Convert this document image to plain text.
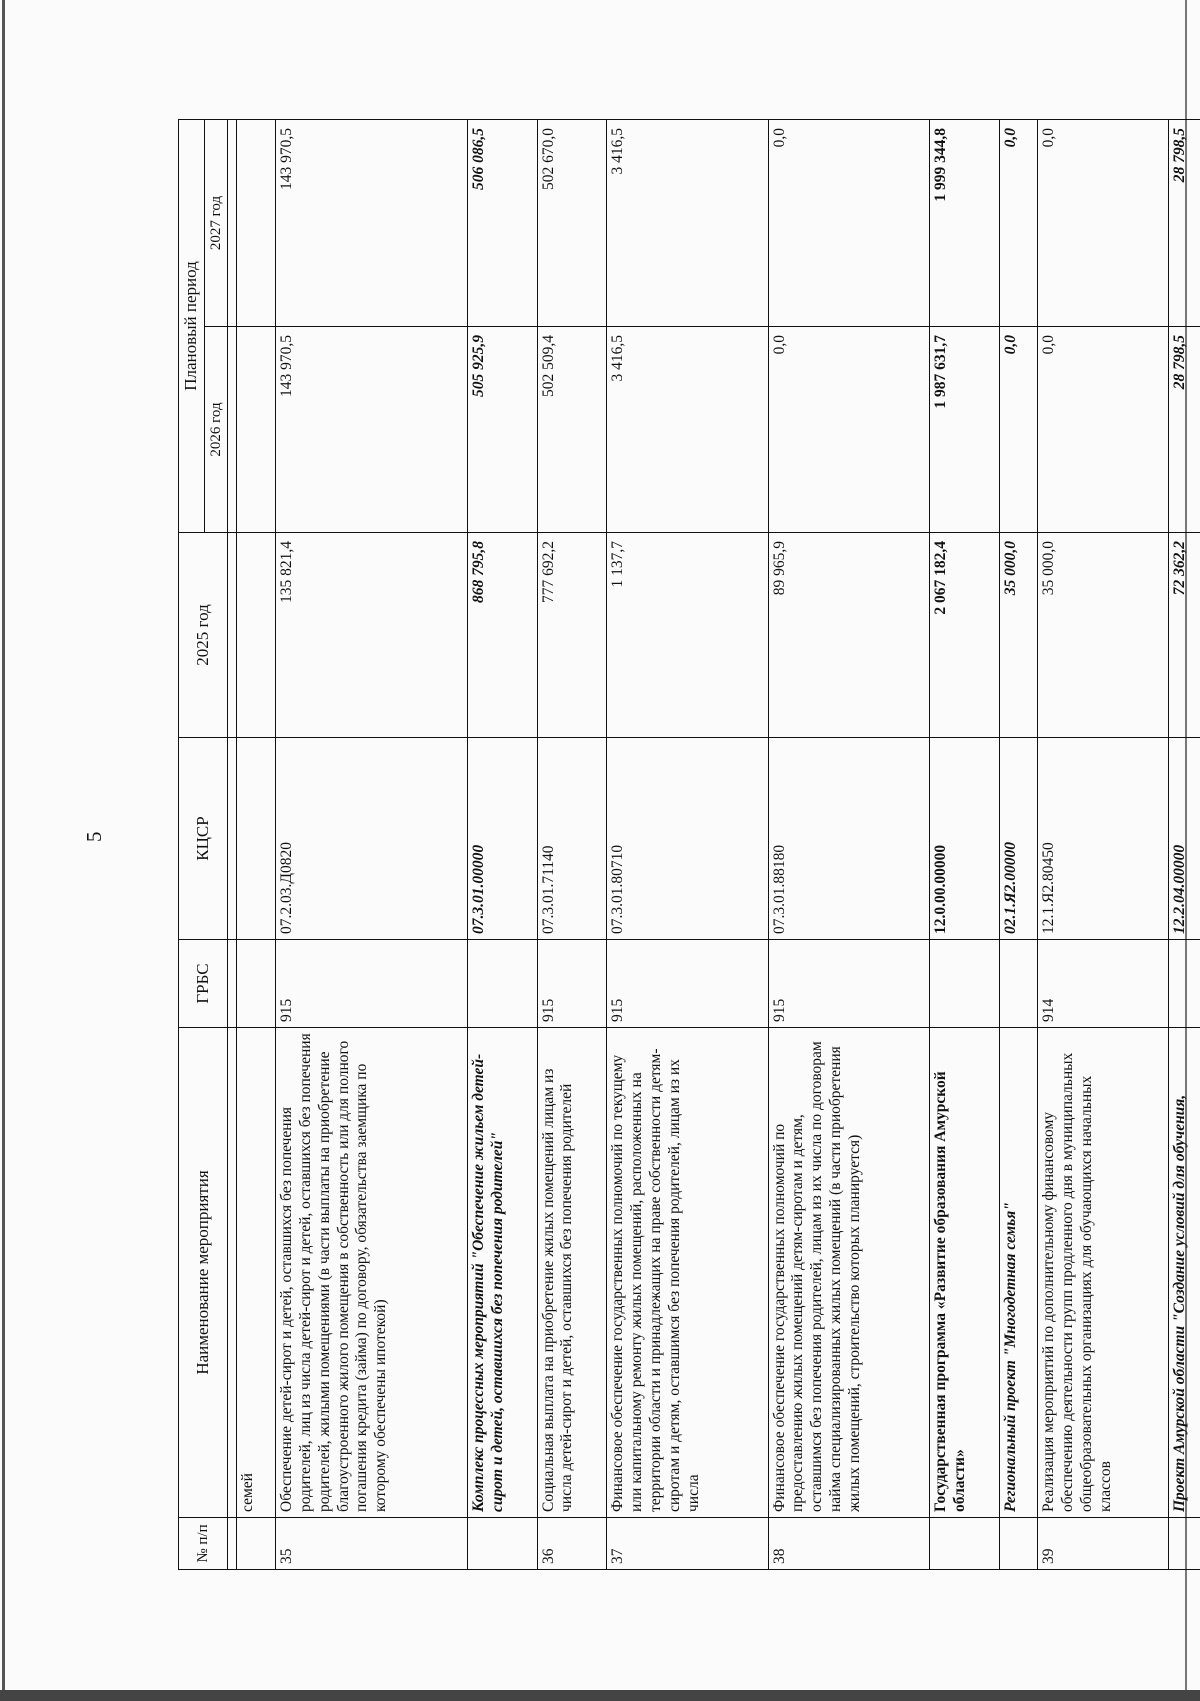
5
№ п/п	Наименование мероприятия	ГРБС	КЦСР	2025 год	Плановый период	
					2026 год	2027 год

	семей					
35	Обеспечение детей-сирот и детей, оставшихся без попечения родителей, лиц из числа детей-сирот и детей, оставшихся без попечения родителей, жилыми помещениями (в части выплаты на приобретение благоустроенного жилого помещения в собственность или для полного погашения кредита (займа) по договору, обязательства заемщика по которому обеспечены ипотекой)	915	07.2.03.Д0820	135 821,4	143 970,5	143 970,5
	Комплекс процессных мероприятий "Обеспечение жильем детей-сирот и детей, оставшихся без попечения родителей"		07.3.01.00000	868 795,8	505 925,9	506 086,5
36	Социальная выплата на приобретение жилых помещений лицам из числа детей-сирот и детей, оставшихся без попечения родителей	915	07.3.01.71140	777 692,2	502 509,4	502 670,0
37	Финансовое обеспечение государственных полномочий по текущему или капитальному ремонту жилых помещений, расположенных на территории области и принадлежащих на праве собственности детям-сиротам и детям, оставшимся без попечения родителей, лицам из их числа	915	07.3.01.80710	1 137,7	3 416,5	3 416,5
38	Финансовое обеспечение государственных полномочий по предоставлению жилых помещений детям-сиротам и детям, оставшимся без попечения родителей, лицам из их числа по договорам найма специализированных жилых помещений (в части приобретения жилых помещений, строительство которых планируется)	915	07.3.01.88180	89 965,9	0,0	0,0
	Государственная программа «Развитие образования Амурской области»		12.0.00.00000	2 067 182,4	1 987 631,7	1 999 344,8
	Региональный проект "Многодетная семья"		02.1.Я2.00000	35 000,0	0,0	0,0
39	Реализация мероприятий по дополнительному финансовому обеспечению деятельности групп продленного дня в муниципальных общеобразовательных организациях для обучающихся начальных классов	914	12.1.Я2.80450	35 000,0	0,0	0,0
	Проект Амурской области "Создание условий для обучения,		12.2.04.00000	72 362,2	28 798,5	28 798,5
